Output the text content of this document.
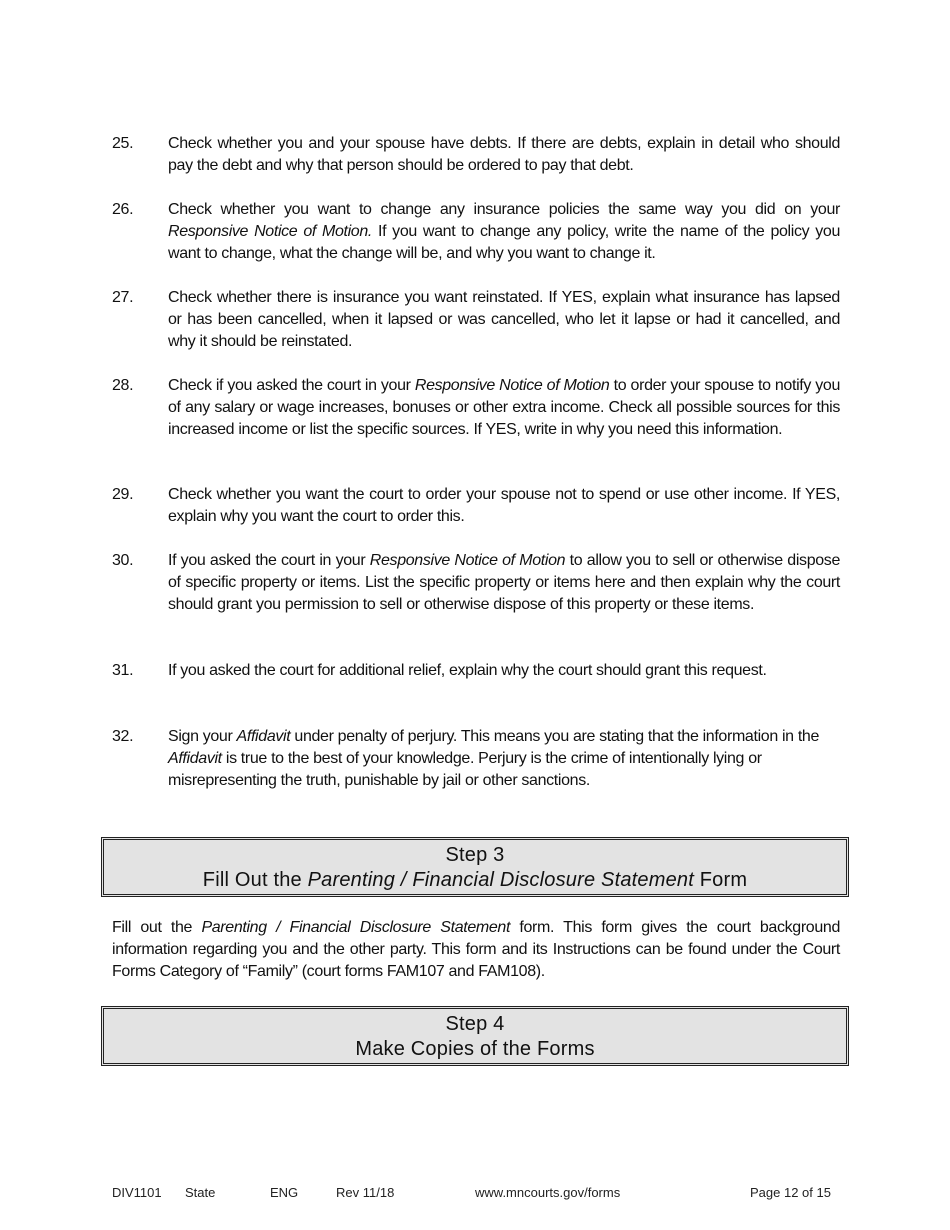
25.	Check whether you and your spouse have debts. If there are debts, explain in detail who should pay the debt and why that person should be ordered to pay that debt.
26.	Check whether you want to change any insurance policies the same way you did on your Responsive Notice of Motion. If you want to change any policy, write the name of the policy you want to change, what the change will be, and why you want to change it.
27.	Check whether there is insurance you want reinstated. If YES, explain what insurance has lapsed or has been cancelled, when it lapsed or was cancelled, who let it lapse or had it cancelled, and why it should be reinstated.
28.	Check if you asked the court in your Responsive Notice of Motion to order your spouse to notify you of any salary or wage increases, bonuses or other extra income. Check all possible sources for this increased income or list the specific sources. If YES, write in why you need this information.
29.	Check whether you want the court to order your spouse not to spend or use other income. If YES, explain why you want the court to order this.
30.	If you asked the court in your Responsive Notice of Motion to allow you to sell or otherwise dispose of specific property or items. List the specific property or items here and then explain why the court should grant you permission to sell or otherwise dispose of this property or these items.
31.	If you asked the court for additional relief, explain why the court should grant this request.
32.	Sign your Affidavit under penalty of perjury. This means you are stating that the information in the Affidavit is true to the best of your knowledge. Perjury is the crime of intentionally lying or misrepresenting the truth, punishable by jail or other sanctions.
Step 3
Fill Out the Parenting / Financial Disclosure Statement Form
Fill out the Parenting / Financial Disclosure Statement form. This form gives the court background information regarding you and the other party. This form and its Instructions can be found under the Court Forms Category of “Family” (court forms FAM107 and FAM108).
Step 4
Make Copies of the Forms
DIV1101 State	ENG	Rev 11/18	www.mncourts.gov/forms	Page 12 of 15
